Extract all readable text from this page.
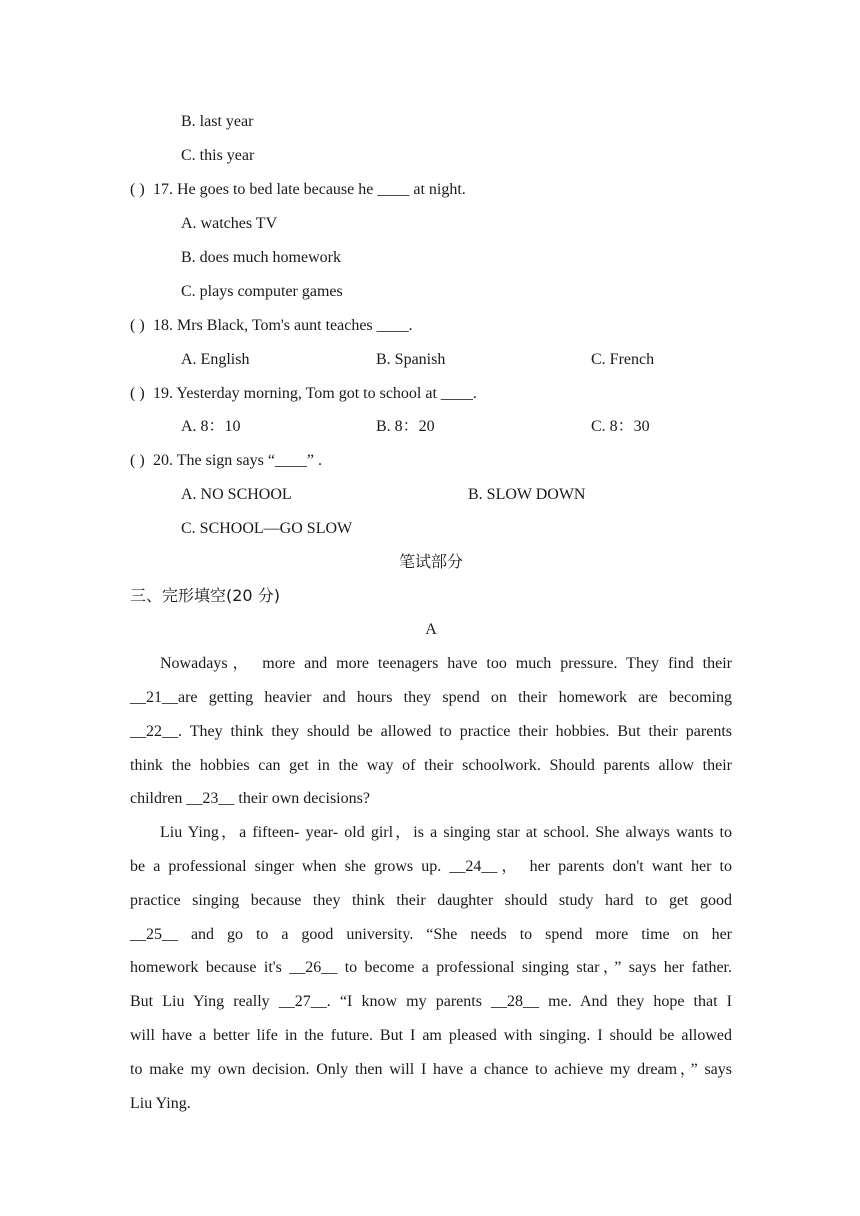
B. last year
C. this year
( ) 17. He goes to bed late because he ____ at night.
A. watches TV
B. does much homework
C. plays computer games
( ) 18. Mrs Black, Tom's aunt teaches ____.
A. English	B. Spanish	C. French
( ) 19. Yesterday morning, Tom got to school at ____.
A. 8：10	B. 8：20	C. 8：30
( ) 20. The sign says “____” .
A. NO SCHOOL	B. SLOW DOWN
C. SCHOOL—GO SLOW
笔试部分
三、完形填空(20 分)
A
Nowadays， more and more teenagers have too much pressure. They find their
__21__are getting heavier and hours they spend on their homework are becoming
__22__. They think they should be allowed to practice their hobbies. But their parents
think the hobbies can get in the way of their schoolwork. Should parents allow their
children __23__ their own decisions?
Liu Ying，a fifteen- year- old girl，is a singing star at school. She always wants to
be a professional singer when she grows up. __24__， her parents don't want her to
practice singing because they think their daughter should study hard to get good
__25__ and go to a good university. “She needs to spend more time on her
homework because it's __26__ to become a professional singing star，” says her father.
But Liu Ying really __27__. “I know my parents __28__ me. And they hope that I
will have a better life in the future. But I am pleased with singing. I should be allowed
to make my own decision. Only then will I have a chance to achieve my dream，” says
Liu Ying.
